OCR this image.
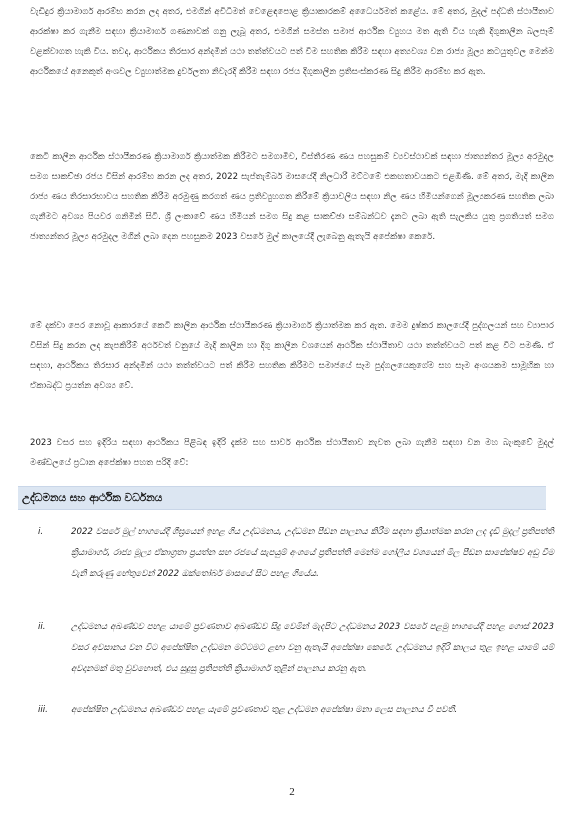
වැඩිදුර ක්‍රියාමාර්ග ආරම්භ කරන ලද අතර, එමගින් අවිධිමත් වෙළෙඳපොළ ක්‍රියාකාරකම් අධෛර්යමත් කළේය. මේ අතර, මුදල් පද්ධති ස්ථායීතාව ආරක්ෂා කර ගැනීම සඳහා ක්‍රියාමාර්ග ගණනාවක් ගනු ලැබූ අතර, එමගින් සමස්ත සමාජ ආර්ථික ව්‍යුහය මත ඇති විය හැකි දිගුකාලීන බලපෑම් වළක්වාගත හැකි විය. තවද, ආර්ථිකය තිරසාර අන්දමින් යථා තත්ත්වයට පත් වීම සහතික කිරීම සඳහා අත්‍යවශ්‍ය වන රාජ්‍ය මූල්‍ය කටයුතුවල මෙන්ම ආර්ථිකයේ අනෙකුත් අංශවල ව්‍යුහාත්මක දුර්වලතා නිවැරදි කිරීම සඳහා රජය දිගුකාලීන ප්‍රතිසංස්කරණ සිදු කිරීම ආරම්භ කර ඇත.

කෙටි කාලීන ආර්ථික ස්ථායීකරණ ක්‍රියාමාර්ග ක්‍රියාත්මක කිරීමට සමගාමීව, විස්තීරණ ණය පහසුකම් ව්‍යවස්ථාවක් සඳහා ජාත්‍යන්තර මූල්‍ය අරමුදල සමග සාකච්ඡා රජය විසින් ආරම්භ කරන ලද අතර, 2022 සැප්තැම්බර් මාසයේදී නිලධාරී මට්ටමේ එකඟතාවයකට එළඹිණි. මේ අතර, මැදි කාලීන රාජ්‍ය ණය තිරසාරභාවය සහතික කිරීම අරමුණු කරගත් ණය ප්‍රතිව්‍යුහගත කිරීමේ ක්‍රියාවලිය සඳහා නිල ණය හිමියන්ගෙන් මූල්‍යකරණ සහතික ලබා ගැනීමට අවශ්‍ය පියවර ගනිමින් සිටී. ශ්‍රී ලංකාවේ ණය හිමියන් සමග සිදු කළ සාකච්ඡා සම්බන්ධව දැනට ලබා ඇති සැලකිය යුතු ප්‍රගතියත් සමග ජාත්‍යන්තර මූල්‍ය අරමුදල මගින් ලබා දෙන පහසුකම 2023 වසරේ මුල් කාලයේදී ලැබෙනු ඇතැයි අපේක්ෂා කෙරේ.

මේ දක්වා පෙර නොවූ ආකාරයේ කෙටි කාලීන ආර්ථික ස්ථායීකරණ ක්‍රියාමාර්ග ක්‍රියාත්මක කර ඇත. මෙම දුෂ්කර කාලයේදී පුද්ගලයන් සහ ව්‍යාපාර විසින් සිදු කරන ලද කැපකිරීම් අර්ථවත් වනුයේ මැදි කාලීන හා දිගු කාලීන වශයෙන් ආර්ථික ස්ථායීතාව යථා තත්ත්වයට පත් කළ විට පමණි. ඒ සඳහා, ආර්ථිකය තිරසාර අන්දමින් යථා තත්ත්වයට පත් කිරීම සහතික කිරීමට සමාජයේ සෑම පුද්ගලයෙකුගේම සහ සෑම අංශයකම සාමූහික හා ඒකාබද්ධ ප්‍රයත්න අවශ්‍ය වේ.

2023 වසර සහ ඉදිරිය සඳහා ආර්ථිකය පිළිබඳ ඉදිරි දැක්ම සහ සාර්ව ආර්ථික ස්ථායීතාව නැවත ලබා ගැනීම සඳහා වන මහ බැංකුවේ මුදල් මණ්ඩලයේ ප්‍රධාන අපේක්ෂා පහත පරිදි වේ:

උද්ධමනය සහ ආර්ථික වර්ධනය
i.	2022 වසරේ මුල් භාගයේදී ශීඝ්‍රයෙන් ඉහළ ගිය උද්ධමනය, උද්ධමන පීඩන පාලනය කිරීම සඳහා ක්‍රියාත්මක කරන ලද දැඩි මුදල් ප්‍රතිපත්ති ක්‍රියාමාර්ග, රාජ්‍ය මූල්‍ය ඒකාග්‍රතා ප්‍රයත්න සහ රජයේ සැපයුම් අංශයේ ප්‍රතිපත්ති මෙන්ම ගෝලීය වශයෙන් මිල පීඩන සාපේක්ෂව අඩු වීම වැනි කරුණු හේතුවෙන් 2022 ඔක්තෝබර් මාසයේ සිට පහළ ගියේය.

ii.	උද්ධමනය අඛණ්ඩව පහළ යාමේ ප්‍රවණතාව අඛණ්ඩව සිදු වෙමින් මැදපිට උද්ධමනය 2023 වසරේ පළමු භාගයේදී පහළ ගොස් 2023 වසර අවසානය වන විට අපේක්ෂිත උද්ධමන මට්ටමට ළඟා වනු ඇතැයි අපේක්ෂා කෙරේ. උද්ධමනය ඉදිරි කාලය තුළ ඉහළ යාමේ යම් අවදානමක් මතු වුවහොත්, එය සුදුසු ප්‍රතිපත්ති ක්‍රියාමාර්ග තුළින් පාලනය කරනු ඇත.

iii.	අපේක්ෂිත උද්ධමනය අඛණ්ඩව පහළ යෑමේ ප්‍රවණතාව තුළ උද්ධමන අපේක්ෂා මනා ලෙස පාලනය වී පවතී.

2
